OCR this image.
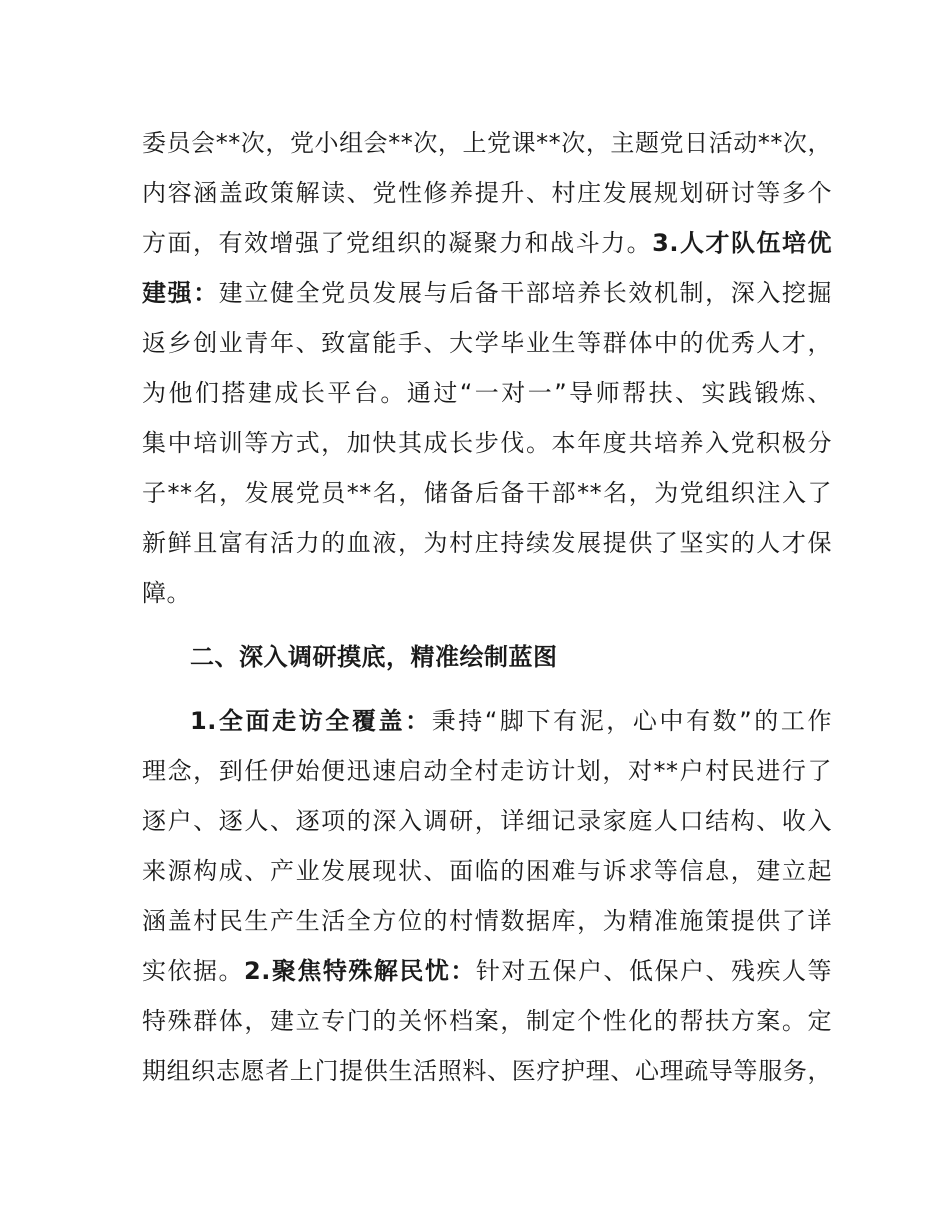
委员会**次，党小组会**次，上党课**次，主题党日活动**次，
内容涵盖政策解读、党性修养提升、村庄发展规划研讨等多个
方面，有效增强了党组织的凝聚力和战斗力。3.人才队伍培优
建强：建立健全党员发展与后备干部培养长效机制，深入挖掘
返乡创业青年、致富能手、大学毕业生等群体中的优秀人才，
为他们搭建成长平台。通过“一对一”导师帮扶、实践锻炼、
集中培训等方式，加快其成长步伐。本年度共培养入党积极分
子**名，发展党员**名，储备后备干部**名，为党组织注入了
新鲜且富有活力的血液，为村庄持续发展提供了坚实的人才保
障。
二、深入调研摸底，精准绘制蓝图
1.全面走访全覆盖：秉持“脚下有泥，心中有数”的工作
理念，到任伊始便迅速启动全村走访计划，对**户村民进行了
逐户、逐人、逐项的深入调研，详细记录家庭人口结构、收入
来源构成、产业发展现状、面临的困难与诉求等信息，建立起
涵盖村民生产生活全方位的村情数据库，为精准施策提供了详
实依据。2.聚焦特殊解民忧：针对五保户、低保户、残疾人等
特殊群体，建立专门的关怀档案，制定个性化的帮扶方案。定
期组织志愿者上门提供生活照料、医疗护理、心理疏导等服务，
